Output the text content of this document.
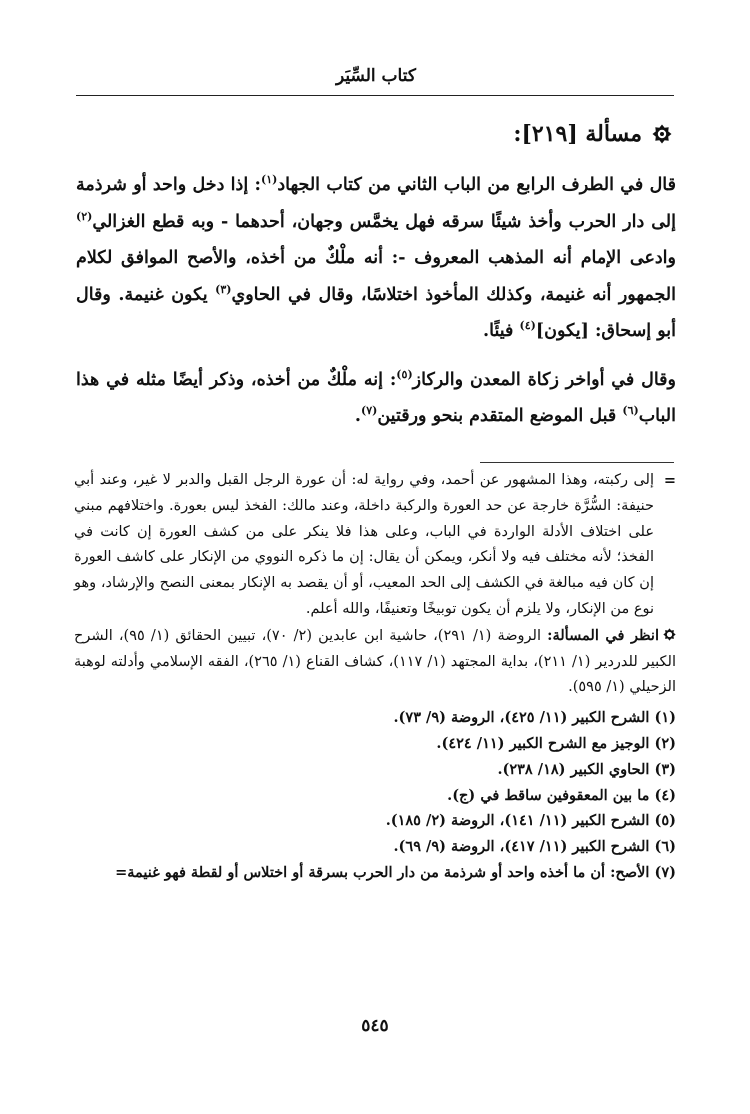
كتاب السِّيَر
مسألة [٢١٩]:

قال في الطرف الرابع من الباب الثاني من كتاب الجهاد$^{(١)}$: إذا دخل واحد أو شرذمة إلى دار الحرب وأخذ شيئًا سرقه فهل يخمَّس وجهان، أحدهما - وبه قطع الغزالي$^{(٢)}$ وادعى الإمام أنه المذهب المعروف -: أنه ملْكٌ من أخذه، والأصح الموافق لكلام الجمهور أنه غنيمة، وكذلك المأخوذ اختلاسًا، وقال في الحاوي$^{(٣)}$ يكون غنيمة. وقال أبو إسحاق: [يكون]$^{(٤)}$ فيئًا.

وقال في أواخر زكاة المعدن والركاز$^{(٥)}$: إنه ملْكٌ من أخذه، وذكر أيضًا مثله في هذا الباب$^{(٦)}$ قبل الموضع المتقدم بنحو ورقتين$^{(٧)}$.

=
إلى ركبته، وهذا المشهور عن أحمد، وفي رواية له: أن عورة الرجل القبل والدبر لا غير، وعند أبي حنيفة: السُّرَّة خارجة عن حد العورة والركبة داخلة، وعند مالك: الفخذ ليس بعورة. واختلافهم مبني على اختلاف الأدلة الواردة في الباب، وعلى هذا فلا ينكر على من كشف العورة إن كانت في الفخذ؛ لأنه مختلف فيه ولا أنكر، ويمكن أن يقال: إن ما ذكره النووي من الإنكار على كاشف العورة إن كان فيه مبالغة في الكشف إلى الحد المعيب، أو أن يقصد به الإنكار بمعنى النصح والإرشاد، وهو نوع من الإنكار، ولا يلزم أن يكون توبيخًا وتعنيفًا، والله أعلم.

انظر في المسألة: الروضة (١/ ٢٩١)، حاشية ابن عابدين (٢/ ٧٠)، تبيين الحقائق (١/ ٩٥)، الشرح الكبير للدردير (١/ ٢١١)، بداية المجتهد (١/ ١١٧)، كشاف القناع (١/ ٢٦٥)، الفقه الإسلامي وأدلته لوهبة الزحيلي (١/ ٥٩٥).

(١) الشرح الكبير (١١/ ٤٢٥)، الروضة (٩/ ٧٣).

(٢) الوجيز مع الشرح الكبير (١١/ ٤٢٤).

(٣) الحاوي الكبير (١٨/ ٢٣٨).

(٤) ما بين المعقوفين ساقط في (ج).

(٥) الشرح الكبير (١١/ ١٤١)، الروضة (٢/ ١٨٥).

(٦) الشرح الكبير (١١/ ٤١٧)، الروضة (٩/ ٦٩).

(٧) الأصح: أن ما أخذه واحد أو شرذمة من دار الحرب بسرقة أو اختلاس أو لقطة فهو غنيمة=

٥٤٥
